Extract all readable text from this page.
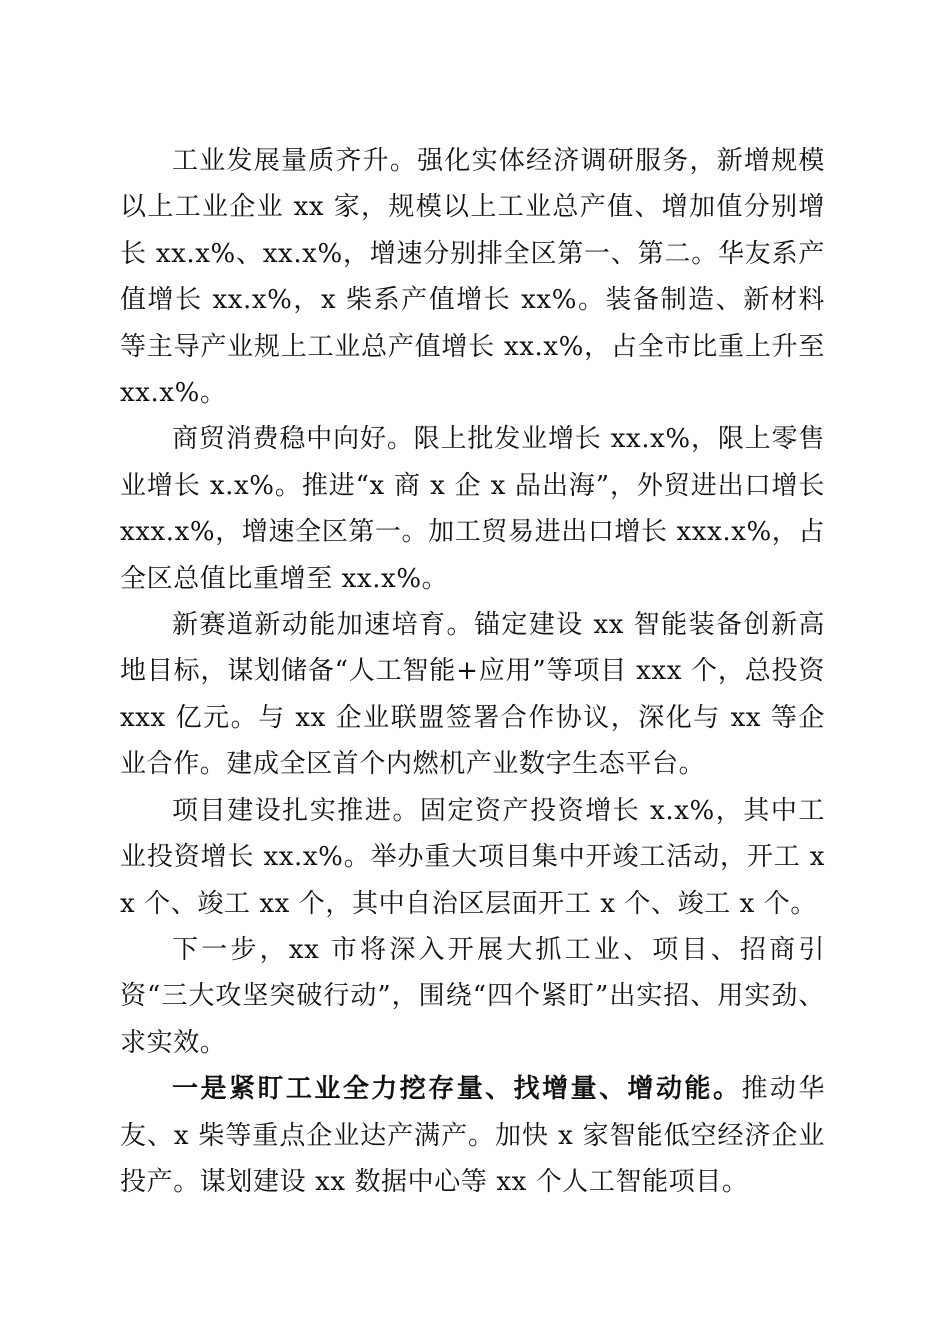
工业发展量质齐升。强化实体经济调研服务，新增规模以上工业企业 xx 家，规模以上工业总产值、增加值分别增长 xx.x%、xx.x%，增速分别排全区第一、第二。华友系产值增长 xx.x%，x 柴系产值增长 xx%。装备制造、新材料等主导产业规上工业总产值增长 xx.x%，占全市比重上升至 xx.x%。

商贸消费稳中向好。限上批发业增长 xx.x%，限上零售业增长 x.x%。推进“x 商 x 企 x 品出海”，外贸进出口增长 xxx.x%，增速全区第一。加工贸易进出口增长 xxx.x%，占全区总值比重增至 xx.x%。

新赛道新动能加速培育。锚定建设 xx 智能装备创新高地目标，谋划储备“人工智能+应用”等项目 xxx 个，总投资 xxx 亿元。与 xx 企业联盟签署合作协议，深化与 xx 等企业合作。建成全区首个内燃机产业数字生态平台。

项目建设扎实推进。固定资产投资增长 x.x%，其中工业投资增长 xx.x%。举办重大项目集中开竣工活动，开工 xx 个、竣工 xx 个，其中自治区层面开工 x 个、竣工 x 个。

下一步，xx 市将深入开展大抓工业、项目、招商引资“三大攻坚突破行动”，围绕“四个紧盯”出实招、用实劲、求实效。

一是紧盯工业全力挖存量、找增量、增动能。推动华友、x 柴等重点企业达产满产。加快 x 家智能低空经济企业投产。谋划建设 xx 数据中心等 xx 个人工智能项目。
